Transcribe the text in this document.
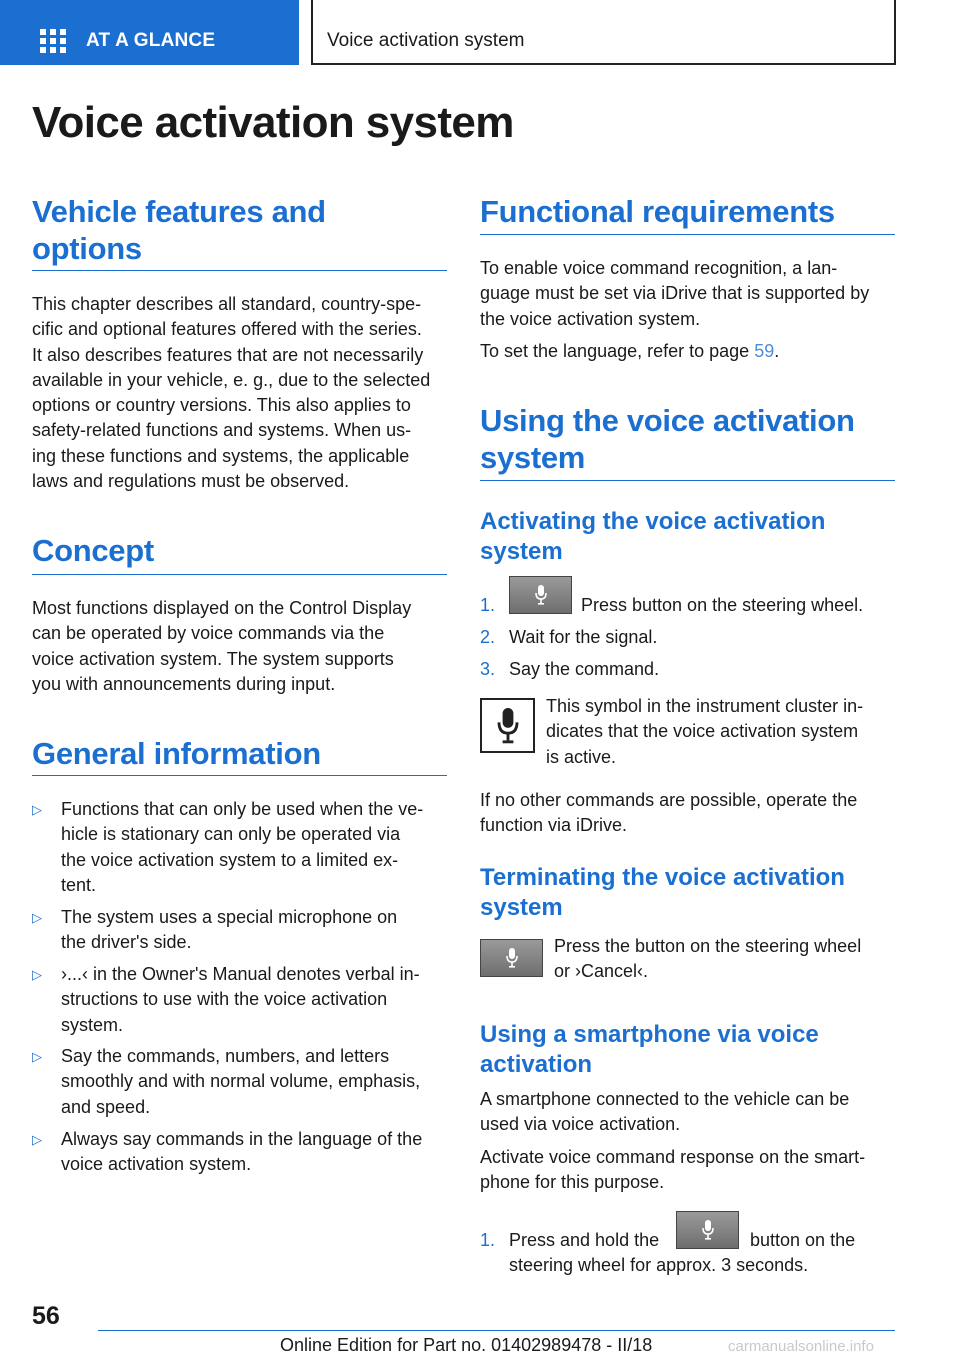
AT A GLANCE	Voice activation system
Voice activation system
Vehicle features and
options
This chapter describes all standard, country-spe-
cific and optional features offered with the series.
It also describes features that are not necessarily
available in your vehicle, e. g., due to the selected
options or country versions. This also applies to
safety-related functions and systems. When us-
ing these functions and systems, the applicable
laws and regulations must be observed.
Concept
Most functions displayed on the Control Display
can be operated by voice commands via the
voice activation system. The system supports
you with announcements during input.
General information
▷ Functions that can only be used when the ve-
hicle is stationary can only be operated via
the voice activation system to a limited ex-
tent.
▷ The system uses a special microphone on
the driver's side.
▷ ›...‹ in the Owner's Manual denotes verbal in-
structions to use with the voice activation
system.
▷ Say the commands, numbers, and letters
smoothly and with normal volume, emphasis,
and speed.
▷ Always say commands in the language of the
voice activation system.
Functional requirements
To enable voice command recognition, a lan-
guage must be set via iDrive that is supported by
the voice activation system.
To set the language, refer to page 59.
Using the voice activation
system
Activating the voice activation
system
1.	Press button on the steering wheel.
2. Wait for the signal.
3. Say the command.
This symbol in the instrument cluster in-
dicates that the voice activation system
is active.
If no other commands are possible, operate the
function via iDrive.
Terminating the voice activation
system
Press the button on the steering wheel
or ›Cancel‹.
Using a smartphone via voice
activation
A smartphone connected to the vehicle can be
used via voice activation.
Activate voice command response on the smart-
phone for this purpose.
1. Press and hold the	button on the
steering wheel for approx. 3 seconds.
56
Online Edition for Part no. 01402989478 - II/18	carmanualsonline.info
